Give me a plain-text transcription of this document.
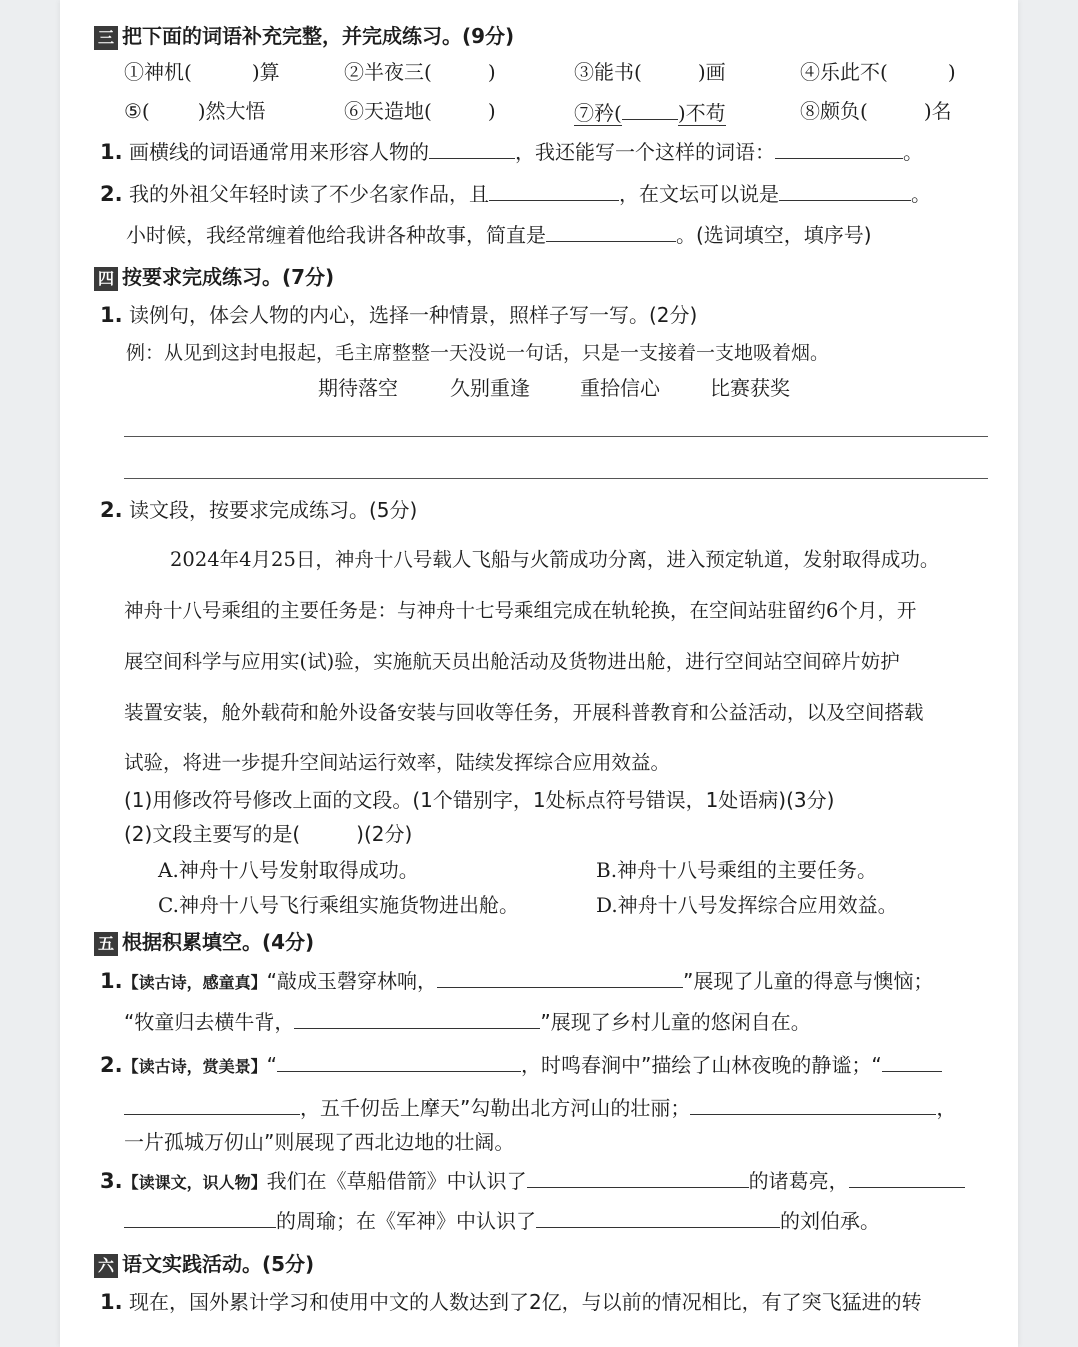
三 把下面的词语补充完整，并完成练习。(9分)
①神机(	)算	②半夜三(	)	③能书(	)画	④乐此不(	)
⑤( )然大悟	⑥天造地(	)	⑦矜(	)不苟	⑧颇负(	)名
1. 画横线的词语通常用来形容人物的	，我还能写一个这样的词语：	。
2. 我的外祖父年轻时读了不少名家作品，且	，在文坛可以说是	。
小时候，我经常缠着他给我讲各种故事，简直是	。(选词填空，填序号)
四 按要求完成练习。(7分)
1. 读例句，体会人物的内心，选择一种情景，照样子写一写。(2分)
例：从见到这封电报起，毛主席整整一天没说一句话，只是一支接着一支地吸着烟。
期待落空	久别重逢	重拾信心	比赛获奖
2. 读文段，按要求完成练习。(5分)
2024年4月25日，神舟十八号载人飞船与火箭成功分离，进入预定轨道，发射取得成功。
神舟十八号乘组的主要任务是：与神舟十七号乘组完成在轨轮换，在空间站驻留约6个月，开
展空间科学与应用实(试)验，实施航天员出舱活动及货物进出舱，进行空间站空间碎片妨护
装置安装，舱外载荷和舱外设备安装与回收等任务，开展科普教育和公益活动，以及空间搭载
试验，将进一步提升空间站运行效率，陆续发挥综合应用效益。
(1)用修改符号修改上面的文段。(1个错别字，1处标点符号错误，1处语病)(3分)
(2)文段主要写的是(	)(2分)
A.神舟十八号发射取得成功。	B.神舟十八号乘组的主要任务。
C.神舟十八号飞行乘组实施货物进出舱。	D.神舟十八号发挥综合应用效益。
五 根据积累填空。(4分)
1.【读古诗，感童真】“敲成玉磬穿林响，	”展现了儿童的得意与懊恼；
“牧童归去横牛背，	”展现了乡村儿童的悠闲自在。
2.【读古诗，赏美景】“	，时鸣春涧中”描绘了山林夜晚的静谧；“
，五千仞岳上摩天”勾勒出北方河山的壮丽；	，
一片孤城万仞山”则展现了西北边地的壮阔。
3.【读课文，识人物】我们在《草船借箭》中认识了	的诸葛亮，
的周瑜；在《军神》中认识了	的刘伯承。
六 语文实践活动。(5分)
1. 现在，国外累计学习和使用中文的人数达到了2亿，与以前的情况相比，有了突飞猛进的转
